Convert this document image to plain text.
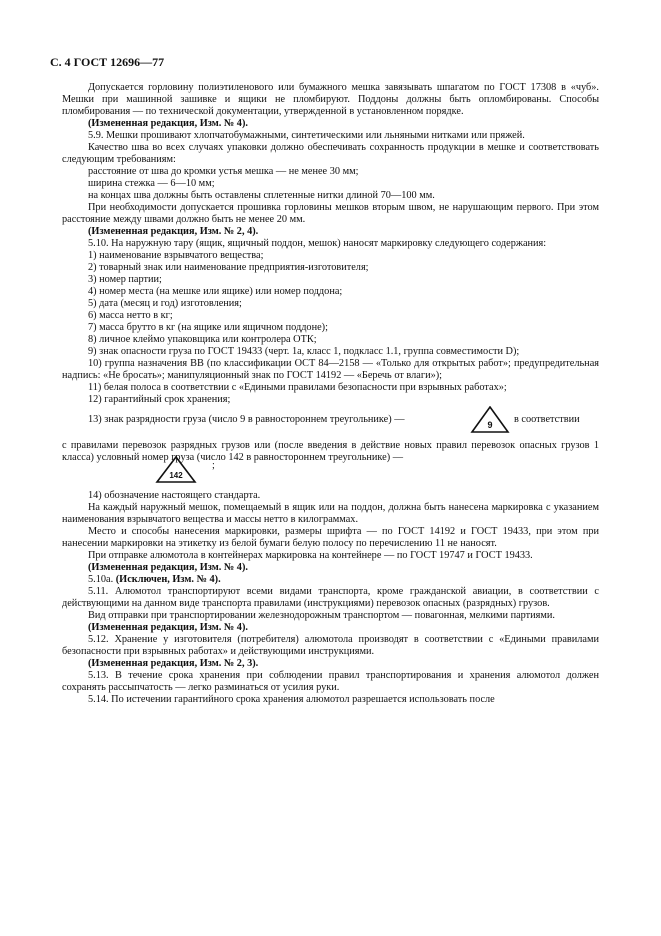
С. 4 ГОСТ 12696—77

Допускается горловину полиэтиленового или бумажного мешка завязывать шпагатом по ГОСТ 17308 в «чуб». Мешки при машинной зашивке и ящики не пломбируют. Поддоны должны быть опломбированы. Способы пломбирования — по технической документации, утвержденной в установленном порядке.

(Измененная редакция, Изм. № 4).

5.9. Мешки прошивают хлопчатобумажными, синтетическими или льняными нитками или пряжей.

Качество шва во всех случаях упаковки должно обеспечивать сохранность продукции в мешке и соответствовать следующим требованиям:

расстояние от шва до кромки устья мешка — не менее 30 мм;

ширина стежка — 6—10 мм;

на концах шва должны быть оставлены сплетенные нитки длиной 70—100 мм.

При необходимости допускается прошивка горловины мешков вторым швом, не нарушающим первого. При этом расстояние между швами должно быть не менее 20 мм.

(Измененная редакция, Изм. № 2, 4).

5.10. На наружную тару (ящик, ящичный поддон, мешок) наносят маркировку следующего содержания:

1) наименование взрывчатого вещества;

2) товарный знак или наименование предприятия-изготовителя;

3) номер партии;

4) номер места (на мешке или ящике) или номер поддона;

5) дата (месяц и год) изготовления;

6) масса нетто в кг;

7) масса брутто в кг (на ящике или ящичном поддоне);

8) личное клеймо упаковщика или контролера ОТК;

9) знак опасности груза по ГОСТ 19433 (черт. 1а, класс 1, подкласс 1.1, группа совместимости D);

10) группа назначения ВВ (по классификации ОСТ 84—2158 — «Только для открытых работ»; предупредительная надпись: «Не бросать»; манипуляционный знак по ГОСТ 14192 — «Беречь от влаги»);

11) белая полоса в соответствии с «Едиными правилами безопасности при взрывных работах»;

12) гарантийный срок хранения;

13) знак разрядности груза (число 9 в равностороннем треугольнике) —	9 в соответствии

с правилами перевозок разрядных грузов или (после введения в действие новых правил перевозок опасных грузов 1 класса) условный номер груза (число 142 в равностороннем треугольнике) —

142
;

14) обозначение настоящего стандарта.

На каждый наружный мешок, помещаемый в ящик или на поддон, должна быть нанесена маркировка с указанием наименования взрывчатого вещества и массы нетто в килограммах.

Место и способы нанесения маркировки, размеры шрифта — по ГОСТ 14192 и ГОСТ 19433, при этом при нанесении маркировки на этикетку из белой бумаги белую полосу по перечислению 11 не наносят.

При отправке алюмотола в контейнерах маркировка на контейнере — по ГОСТ 19747 и ГОСТ 19433.

(Измененная редакция, Изм. № 4).

5.10а. (Исключен, Изм. № 4).

5.11. Алюмотол транспортируют всеми видами транспорта, кроме гражданской авиации, в соответствии с действующими на данном виде транспорта правилами (инструкциями) перевозок опасных (разрядных) грузов.

Вид отправки при транспортировании железнодорожным транспортом — повагонная, мелкими партиями.

(Измененная редакция, Изм. № 4).

5.12. Хранение у изготовителя (потребителя) алюмотола производят в соответствии с «Едиными правилами безопасности при взрывных работах» и действующими инструкциями.

(Измененная редакция, Изм. № 2, 3).

5.13. В течение срока хранения при соблюдении правил транспортирования и хранения алюмотол должен сохранять рассыпчатость — легко разминаться от усилия руки.

5.14. По истечении гарантийного срока хранения алюмотол разрешается использовать после
